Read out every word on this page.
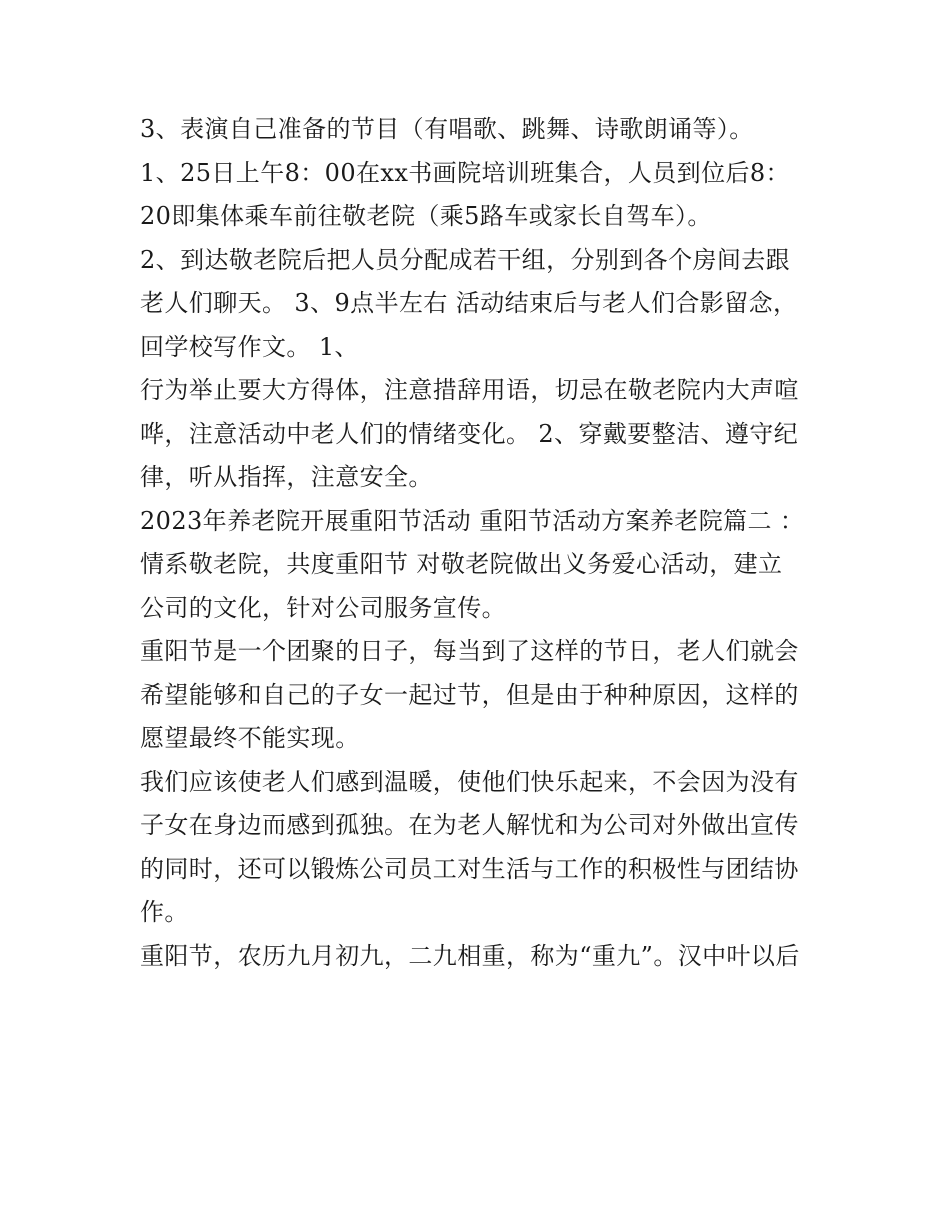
3、表演自己准备的节目（有唱歌、跳舞、诗歌朗诵等）。

1、25日上午8：00在xx书画院培训班集合，人员到位后8：
20即集体乘车前往敬老院（乘5路车或家长自驾车）。

2、到达敬老院后把人员分配成若干组，分别到各个房间去跟
老人们聊天。 3、9点半左右 活动结束后与老人们合影留念，
回学校写作文。 1、

行为举止要大方得体，注意措辞用语，切忌在敬老院内大声喧
哗，注意活动中老人们的情绪变化。 2、穿戴要整洁、遵守纪
律，听从指挥，注意安全。

2023年养老院开展重阳节活动 重阳节活动方案养老院篇二 ：
情系敬老院，共度重阳节 对敬老院做出义务爱心活动，建立
公司的文化，针对公司服务宣传。

重阳节是一个团聚的日子，每当到了这样的节日，老人们就会
希望能够和自己的子女一起过节，但是由于种种原因，这样的
愿望最终不能实现。

我们应该使老人们感到温暖，使他们快乐起来，不会因为没有
子女在身边而感到孤独。在为老人解忧和为公司对外做出宣传
的同时，还可以锻炼公司员工对生活与工作的积极性与团结协
作。

重阳节，农历九月初九，二九相重，称为“重九”。汉中叶以后
